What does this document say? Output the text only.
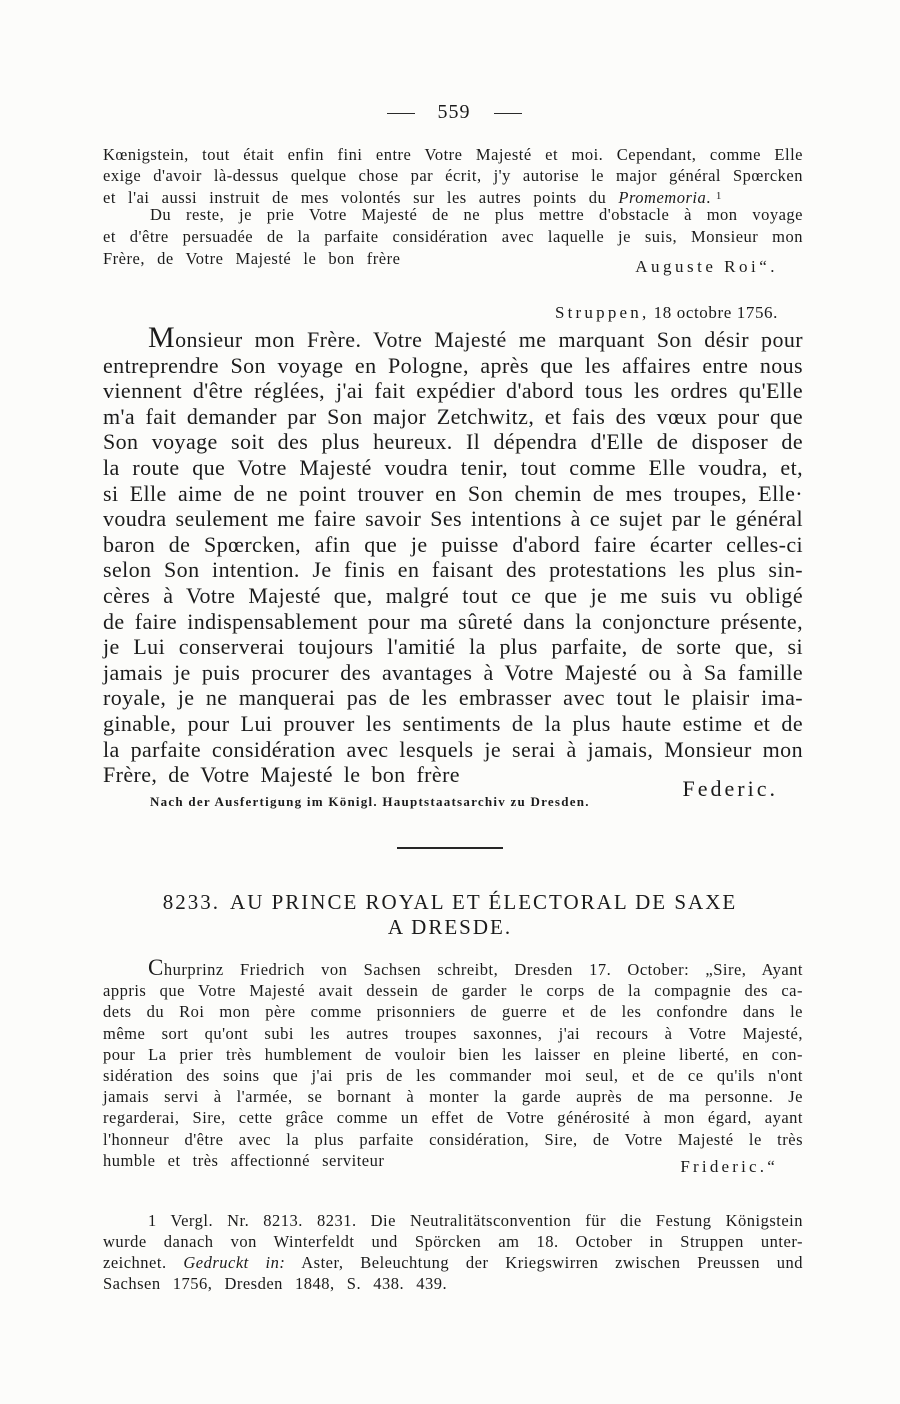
559
Kœnigstein, tout était enfin fini entre Votre Majesté et moi. Cependant, comme Elle
exige d'avoir là-dessus quelque chose par écrit, j'y autorise le major général Spœrcken
et l'ai aussi instruit de mes volontés sur les autres points du Promemoria. $^1$
Du reste, je prie Votre Majesté de ne plus mettre d'obstacle à mon voyage
et d'être persuadée de la parfaite considération avec laquelle je suis, Monsieur mon
Frère, de Votre Majesté le bon frère	Auguste Roi“.
Struppen, 18 octobre 1756.
Monsieur mon Frère. Votre Majesté me marquant Son désir pour
entreprendre Son voyage en Pologne, après que les affaires entre nous
viennent d'être réglées, j'ai fait expédier d'abord tous les ordres qu'Elle
m'a fait demander par Son major Zetchwitz, et fais des vœux pour que
Son voyage soit des plus heureux. Il dépendra d'Elle de disposer de
la route que Votre Majesté voudra tenir, tout comme Elle voudra, et,
si Elle aime de ne point trouver en Son chemin de mes troupes, Elle·
voudra seulement me faire savoir Ses intentions à ce sujet par le général
baron de Spœrcken, afin que je puisse d'abord faire écarter celles-ci
selon Son intention. Je finis en faisant des protestations les plus sin-
cères à Votre Majesté que, malgré tout ce que je me suis vu obligé
de faire indispensablement pour ma sûreté dans la conjoncture présente,
je Lui conserverai toujours l'amitié la plus parfaite, de sorte que, si
jamais je puis procurer des avantages à Votre Majesté ou à Sa famille
royale, je ne manquerai pas de les embrasser avec tout le plaisir ima-
ginable, pour Lui prouver les sentiments de la plus haute estime et de
la parfaite considération avec lesquels je serai à jamais, Monsieur mon
Frère, de Votre Majesté le bon frère
Federic.
Nach der Ausfertigung im Königl. Hauptstaatsarchiv zu Dresden.
8233. AU PRINCE ROYAL ET ÉLECTORAL DE SAXE
A DRESDE.
Churprinz Friedrich von Sachsen schreibt, Dresden 17. October: „Sire, Ayant
appris que Votre Majesté avait dessein de garder le corps de la compagnie des ca-
dets du Roi mon père comme prisonniers de guerre et de les confondre dans le
même sort qu'ont subi les autres troupes saxonnes, j'ai recours à Votre Majesté,
pour La prier très humblement de vouloir bien les laisser en pleine liberté, en con-
sidération des soins que j'ai pris de les commander moi seul, et de ce qu'ils n'ont
jamais servi à l'armée, se bornant à monter la garde auprès de ma personne. Je
regarderai, Sire, cette grâce comme un effet de Votre générosité à mon égard, ayant
l'honneur d'être avec la plus parfaite considération, Sire, de Votre Majesté le très
humble et très affectionné serviteur	Frideric.“
1 Vergl. Nr. 8213. 8231. Die Neutralitätsconvention für die Festung Königstein
wurde danach von Winterfeldt und Spörcken am 18. October in Struppen unter-
zeichnet. Gedruckt in: Aster, Beleuchtung der Kriegswirren zwischen Preussen und
Sachsen 1756, Dresden 1848, S. 438. 439.
